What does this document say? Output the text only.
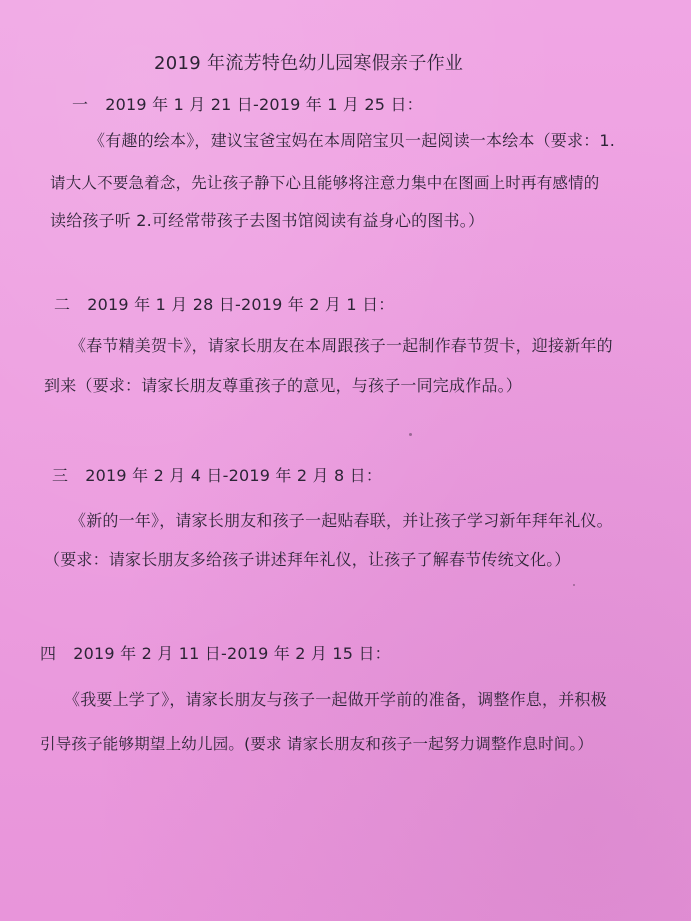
2019 年流芳特色幼儿园寒假亲子作业
一 2019 年 1 月 21 日-2019 年 1 月 25 日：
《有趣的绘本》，建议宝爸宝妈在本周陪宝贝一起阅读一本绘本（要求：1.
请大人不要急着念，先让孩子静下心且能够将注意力集中在图画上时再有感情的
读给孩子听 2.可经常带孩子去图书馆阅读有益身心的图书。）
二 2019 年 1 月 28 日-2019 年 2 月 1 日：
《春节精美贺卡》，请家长朋友在本周跟孩子一起制作春节贺卡，迎接新年的
到来（要求：请家长朋友尊重孩子的意见，与孩子一同完成作品。）
三 2019 年 2 月 4 日-2019 年 2 月 8 日：
《新的一年》，请家长朋友和孩子一起贴春联，并让孩子学习新年拜年礼仪。
（要求：请家长朋友多给孩子讲述拜年礼仪，让孩子了解春节传统文化。）
四 2019 年 2 月 11 日-2019 年 2 月 15 日：
《我要上学了》，请家长朋友与孩子一起做开学前的准备，调整作息，并积极
引导孩子能够期望上幼儿园。(要求 请家长朋友和孩子一起努力调整作息时间。）
